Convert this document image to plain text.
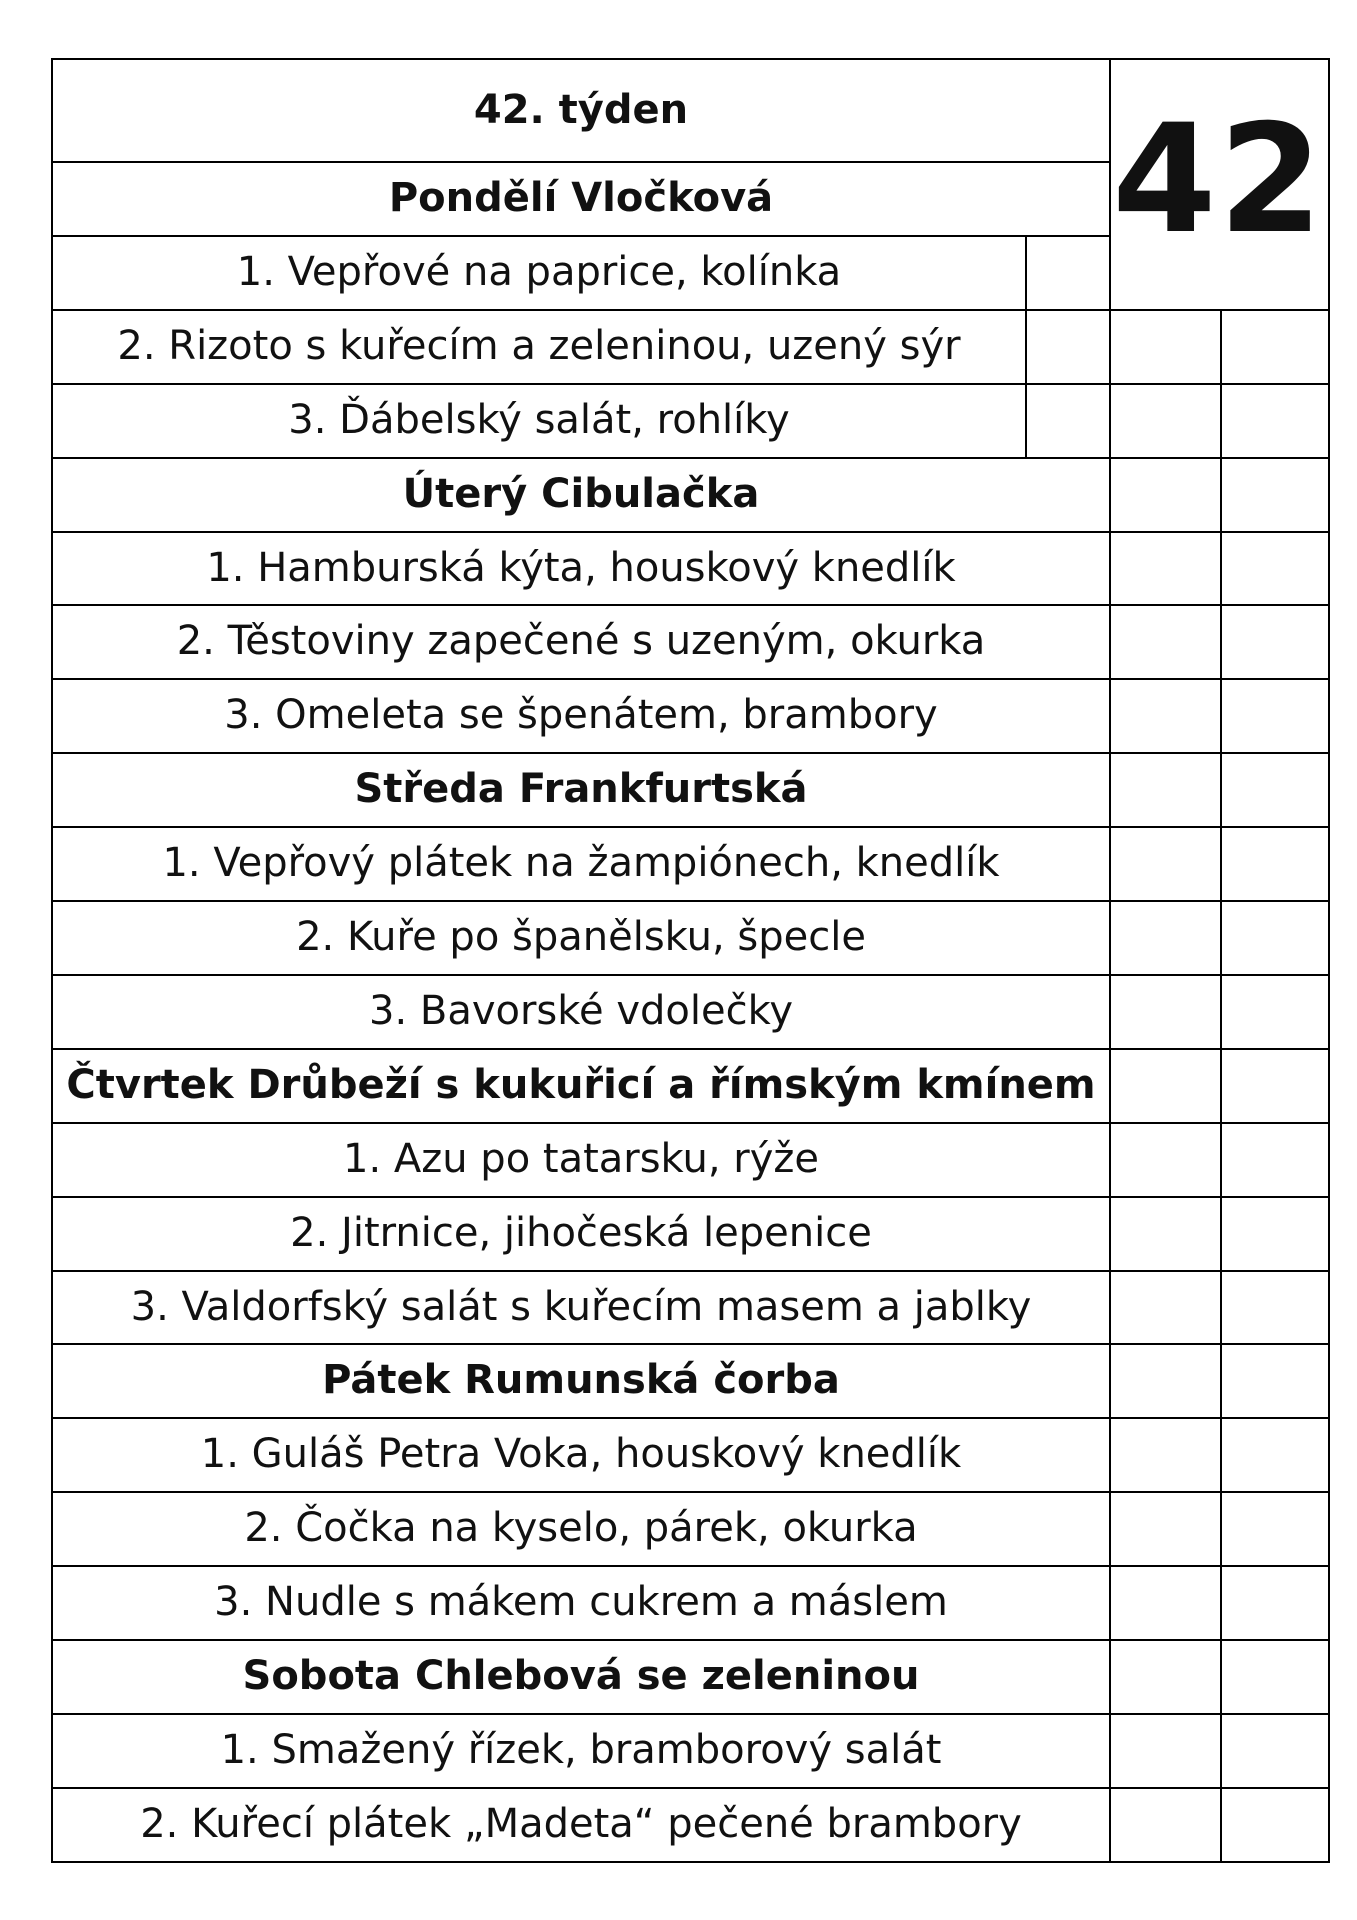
42. týden	42
Pondělí Vločková
1. Vepřové na paprice, kolínka
2. Rizoto s kuřecím a zeleninou, uzený sýr
3. Ďábelský salát, rohlíky
Úterý Cibulačka
1. Hamburská kýta, houskový knedlík
2. Těstoviny zapečené s uzeným, okurka
3. Omeleta se špenátem, brambory
Středa Frankfurtská
1. Vepřový plátek na žampiónech, knedlík
2. Kuře po španělsku, špecle
3. Bavorské vdolečky
Čtvrtek Drůbeží s kukuřicí a římským kmínem
1. Azu po tatarsku, rýže
2. Jitrnice, jihočeská lepenice
3. Valdorfský salát s kuřecím masem a jablky
Pátek Rumunská čorba
1. Guláš Petra Voka, houskový knedlík
2. Čočka na kyselo, párek, okurka
3. Nudle s mákem cukrem a máslem
Sobota Chlebová se zeleninou
1. Smažený řízek, bramborový salát
2. Kuřecí plátek „Madeta“ pečené brambory
